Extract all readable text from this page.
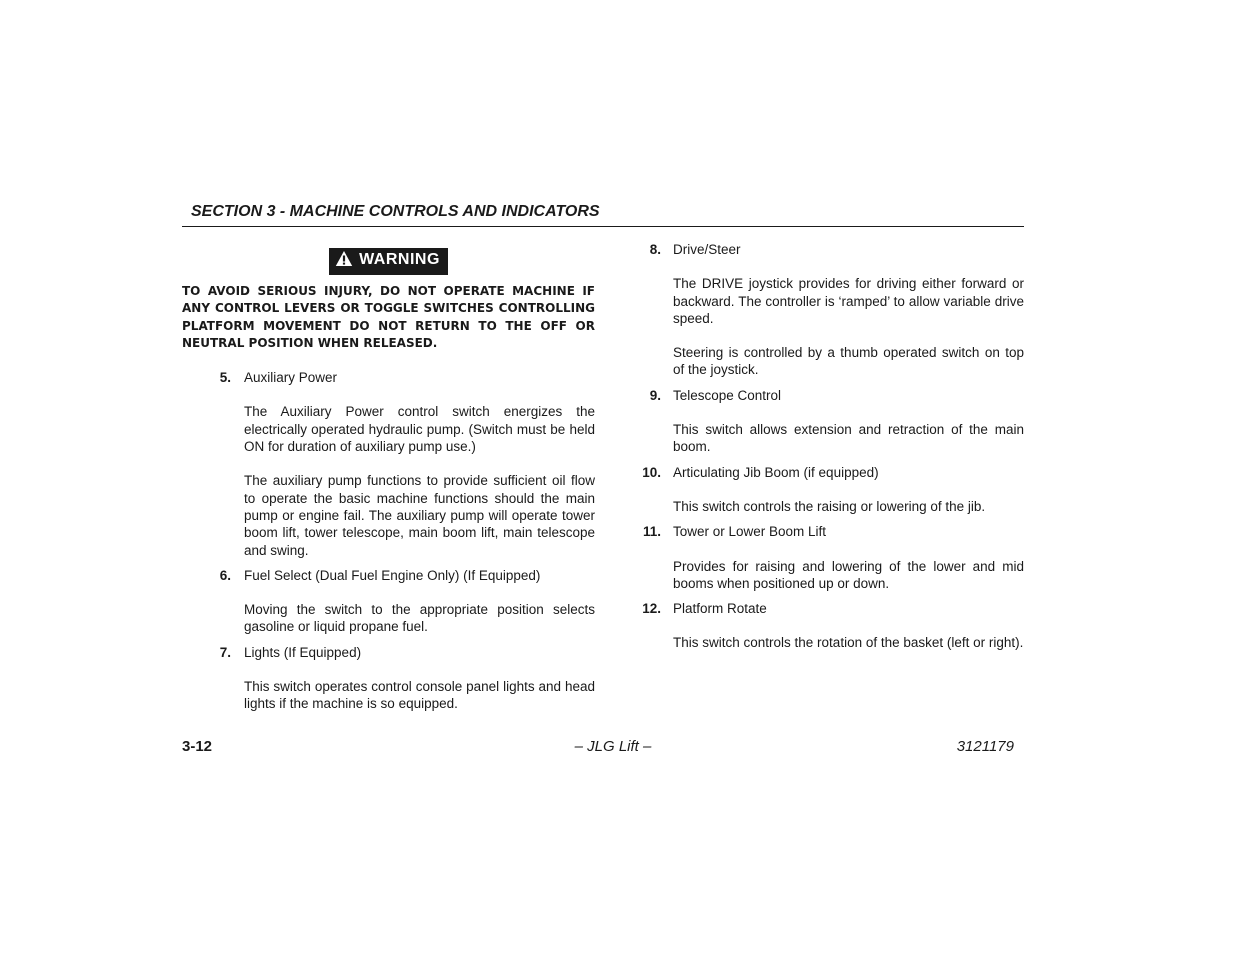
SECTION 3 - MACHINE CONTROLS AND INDICATORS
WARNING

TO AVOID SERIOUS INJURY, DO NOT OPERATE MACHINE IF ANY CONTROL LEVERS OR TOGGLE SWITCHES CONTROLLING PLATFORM MOVEMENT DO NOT RETURN TO THE OFF OR NEUTRAL POSITION WHEN RELEASED.

5. Auxiliary Power

The Auxiliary Power control switch energizes the electrically operated hydraulic pump. (Switch must be held ON for duration of auxiliary pump use.)

The auxiliary pump functions to provide sufficient oil flow to operate the basic machine functions should the main pump or engine fail. The auxiliary pump will operate tower boom lift, tower telescope, main boom lift, main telescope and swing.

6. Fuel Select (Dual Fuel Engine Only) (If Equipped)

Moving the switch to the appropriate position selects gasoline or liquid propane fuel.

7. Lights (If Equipped)

This switch operates control console panel lights and head lights if the machine is so equipped.

8. Drive/Steer

The DRIVE joystick provides for driving either forward or backward. The controller is ‘ramped’ to allow variable drive speed.

Steering is controlled by a thumb operated switch on top of the joystick.

9. Telescope Control

This switch allows extension and retraction of the main boom.

10. Articulating Jib Boom (if equipped)

This switch controls the raising or lowering of the jib.

11. Tower or Lower Boom Lift

Provides for raising and lowering of the lower and mid booms when positioned up or down.

12. Platform Rotate

This switch controls the rotation of the basket (left or right).

3-12	– JLG Lift –	3121179
